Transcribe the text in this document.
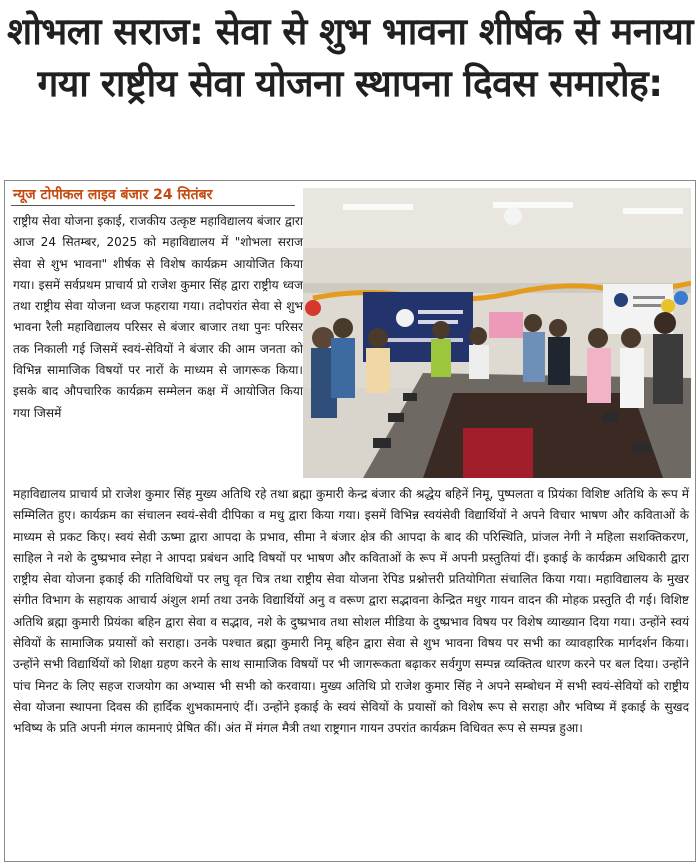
शोभला सराज: सेवा से शुभ भावना शीर्षक से मनाया गया राष्ट्रीय सेवा योजना स्थापना दिवस समारोह:
न्यूज टोपीकल लाइव बंजार 24 सितंबर
राष्ट्रीय सेवा योजना इकाई, राजकीय उत्कृष्ट महाविद्यालय बंजार द्वारा आज 24 सितम्बर, 2025 को महाविद्यालय में "शोभला सराज सेवा से शुभ भावना" शीर्षक से विशेष कार्यक्रम आयोजित किया गया। इसमें सर्वप्रथम प्राचार्य प्रो राजेश कुमार सिंह द्वारा राष्ट्रीय ध्वज तथा राष्ट्रीय सेवा योजना ध्वज फहराया गया। तदोपरांत सेवा से शुभ भावना रैली महाविद्यालय परिसर से बंजार बाजार तथा पुनः परिसर तक निकाली गई जिसमें स्वयं-सेवियों ने बंजार की आम जनता को विभिन्न सामाजिक विषयों पर नारों के माध्यम से जागरूक किया। इसके बाद औपचारिक कार्यक्रम सम्मेलन कक्ष में आयोजित किया गया जिसमें
महाविद्यालय प्राचार्य प्रो राजेश कुमार सिंह मुख्य अतिथि रहे तथा ब्रह्मा कुमारी केन्द्र बंजार की श्रद्धेय बहिनें निमू, पुष्पलता व प्रियंका विशिष्ट अतिथि के रूप में सम्मिलित हुए। कार्यक्रम का संचालन स्वयं-सेवी दीपिका व मधु द्वारा किया गया। इसमें विभिन्न स्वयंसेवी विद्यार्थियों ने अपने विचार भाषण और कविताओं के माध्यम से प्रकट किए। स्वयं सेवी ऊष्मा द्वारा आपदा के प्रभाव, सीमा ने बंजार क्षेत्र की आपदा के बाद की परिस्थिति, प्रांजल नेगी ने महिला सशक्तिकरण, साहिल ने नशे के दुष्प्रभाव स्नेहा ने आपदा प्रबंधन आदि विषयों पर भाषण और कविताओं के रूप में अपनी प्रस्तुतियां दीं। इकाई के कार्यक्रम अधिकारी द्वारा राष्ट्रीय सेवा योजना इकाई की गतिविधियों पर लघु वृत चित्र तथा राष्ट्रीय सेवा योजना रेपिड प्रश्नोत्तरी प्रतियोगिता संचालित किया गया। महाविद्यालय के मुखर संगीत विभाग के सहायक आचार्य अंशुल शर्मा तथा उनके विद्यार्थियों अनु व वरूण द्वारा सद्भावना केन्द्रित मधुर गायन वादन की मोहक प्रस्तुति दी गई। विशिष्ट अतिथि ब्रह्मा कुमारी प्रियंका बहिन द्वारा सेवा व सद्भाव, नशे के दुष्प्रभाव तथा सोशल मीडिया के दुष्प्रभाव विषय पर विशेष व्याख्यान दिया गया। उन्होंने स्वयं सेवियों के सामाजिक प्रयासों को सराहा। उनके पश्चात ब्रह्मा कुमारी निमू बहिन द्वारा सेवा से शुभ भावना विषय पर सभी का व्यावहारिक मार्गदर्शन किया। उन्होंने सभी विद्यार्थियों को शिक्षा ग्रहण करने के साथ सामाजिक विषयों पर भी जागरूकता बढ़ाकर सर्वगुण सम्पन्न व्यक्तित्व धारण करने पर बल दिया। उन्होंने पांच मिनट के लिए सहज राजयोग का अभ्यास भी सभी को करवाया। मुख्य अतिथि प्रो राजेश कुमार सिंह ने अपने सम्बोधन में सभी स्वयं-सेवियों को राष्ट्रीय सेवा योजना स्थापना दिवस की हार्दिक शुभकामनाएं दीं। उन्होंने इकाई के स्वयं सेवियों के प्रयासों को विशेष रूप से सराहा और भविष्य में इकाई के सुखद भविष्य के प्रति अपनी मंगल कामनाएं प्रेषित कीं। अंत में मंगल मैत्री तथा राष्ट्रगान गायन उपरांत कार्यक्रम विधिवत रूप से सम्पन्न हुआ।
